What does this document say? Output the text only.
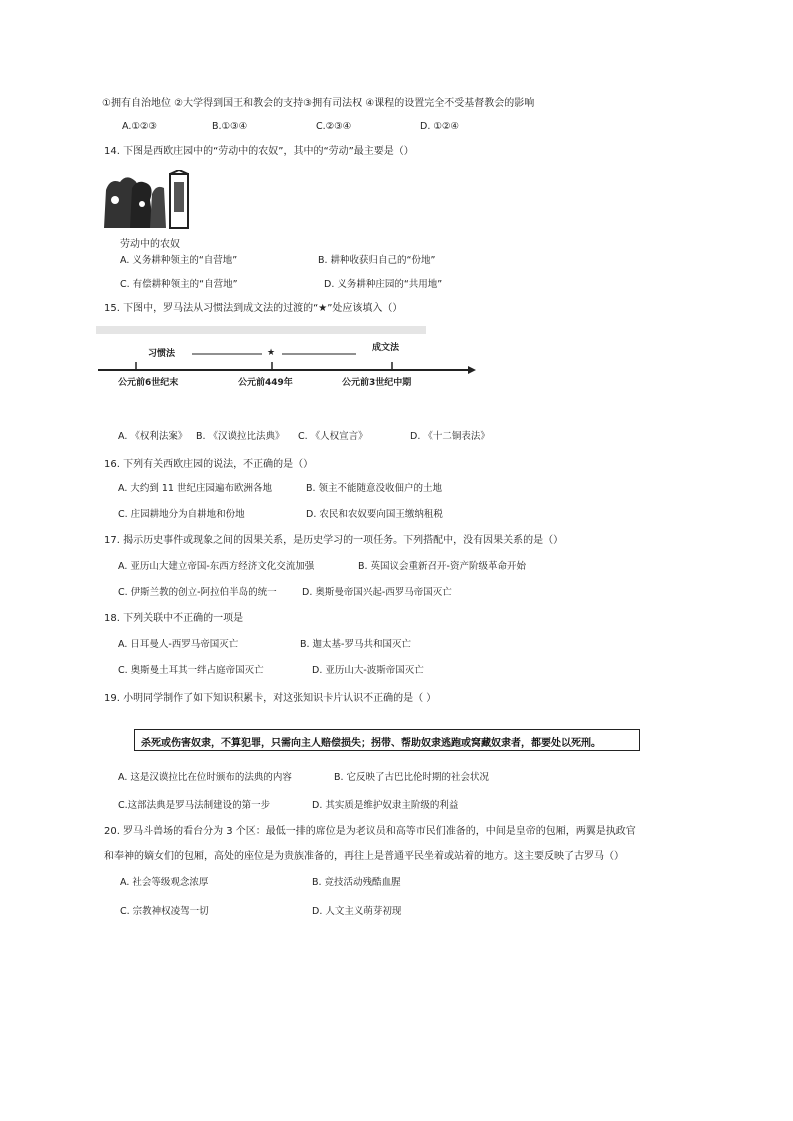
①拥有自治地位 ②大学得到国王和教会的支持③拥有司法权 ④课程的设置完全不受基督教会的影响
A.①②③	B.①③④	C.②③④	D. ①②④
14. 下图是西欧庄园中的“劳动中的农奴”，其中的“劳动”最主要是（）
劳动中的农奴
A. 义务耕种领主的“自营地”	B. 耕种收获归自己的“份地”
C. 有偿耕种领主的“自营地”	D. 义务耕种庄园的“共用地”
15. 下图中，罗马法从习惯法到成文法的过渡的“★”处应该填入（）
习惯法	★	成文法
公元前6世纪末	公元前449年	公元前3世纪中期
A. 《权利法案》 B. 《汉谟拉比法典》 C. 《人权宣言》	D. 《十二铜表法》
16. 下列有关西欧庄园的说法，不正确的是（）
A. 大约到 11 世纪庄园遍布欧洲各地	B. 领主不能随意没收佃户的土地
C. 庄园耕地分为自耕地和份地	D. 农民和农奴要向国王缴纳租税
17. 揭示历史事件或现象之间的因果关系，是历史学习的一项任务。下列搭配中，没有因果关系的是（）
A. 亚历山大建立帝国-东西方经济文化交流加强	B. 英国议会重新召开-资产阶级革命开始
C. 伊斯兰教的创立-阿拉伯半岛的统一	D. 奥斯曼帝国兴起-西罗马帝国灭亡
18. 下列关联中不正确的一项是
A. 日耳曼人-西罗马帝国灭亡	B. 迦太基-罗马共和国灭亡
C. 奥斯曼土耳其一绊占庭帝国灭亡	D. 亚历山大-波斯帝国灭亡
19. 小明同学制作了如下知识积累卡，对这张知识卡片认识不正确的是（ ）
杀死或伤害奴隶，不算犯罪，只需向主人赔偿损失；拐带、帮助奴隶逃跑或窝藏奴隶者，都要处以死刑。
A. 这是汉谟拉比在位时颁布的法典的内容	B. 它反映了古巴比伦时期的社会状况
C.这部法典是罗马法制建设的第一步	D. 其实质是维护奴隶主阶级的利益
20. 罗马斗兽场的看台分为 3 个区：最低一排的席位是为老议员和高等市民们准备的，中间是皇帝的包厢，两翼是执政官
和奉神的嫡女们的包厢，高处的座位是为贵族准备的，再往上是普通平民坐着或站着的地方。这主要反映了古罗马（）
A. 社会等级观念浓厚	B. 竞技活动残酷血腥
C. 宗教神权凌驾一切	D. 人文主义萌芽初现
